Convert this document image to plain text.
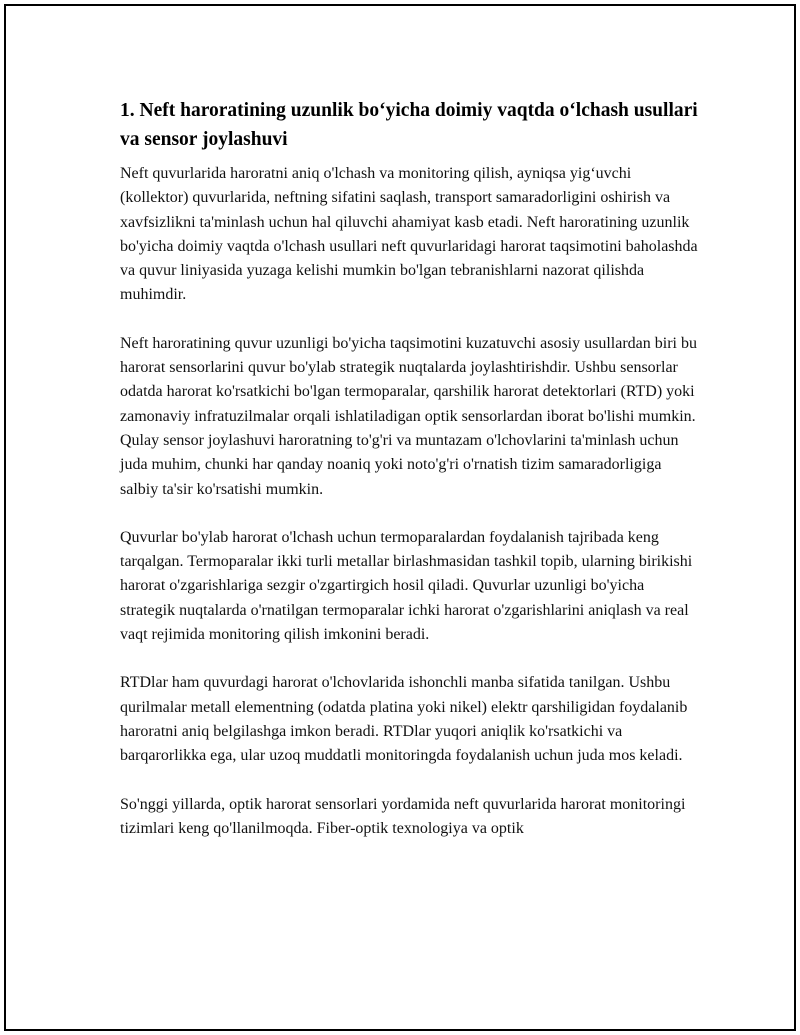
1. Neft haroratining uzunlik bo‘yicha doimiy vaqtda o‘lchash usullari va sensor joylashuvi

Neft quvurlarida haroratni aniq o'lchash va monitoring qilish, ayniqsa yig‘uvchi (kollektor) quvurlarida, neftning sifatini saqlash, transport samaradorligini oshirish va xavfsizlikni ta'minlash uchun hal qiluvchi ahamiyat kasb etadi. Neft haroratining uzunlik bo'yicha doimiy vaqtda o'lchash usullari neft quvurlaridagi harorat taqsimotini baholashda va quvur liniyasida yuzaga kelishi mumkin bo'lgan tebranishlarni nazorat qilishda muhimdir.

Neft haroratining quvur uzunligi bo'yicha taqsimotini kuzatuvchi asosiy usullardan biri bu harorat sensorlarini quvur bo'ylab strategik nuqtalarda joylashtirishdir. Ushbu sensorlar odatda harorat ko'rsatkichi bo'lgan termoparalar, qarshilik harorat detektorlari (RTD) yoki zamonaviy infratuzilmalar orqali ishlatiladigan optik sensorlardan iborat bo'lishi mumkin. Qulay sensor joylashuvi haroratning to'g'ri va muntazam o'lchovlarini ta'minlash uchun juda muhim, chunki har qanday noaniq yoki noto'g'ri o'rnatish tizim samaradorligiga salbiy ta'sir ko'rsatishi mumkin.

Quvurlar bo'ylab harorat o'lchash uchun termoparalardan foydalanish tajribada keng tarqalgan. Termoparalar ikki turli metallar birlashmasidan tashkil topib, ularning birikishi harorat o'zgarishlariga sezgir o'zgartirgich hosil qiladi. Quvurlar uzunligi bo'yicha strategik nuqtalarda o'rnatilgan termoparalar ichki harorat o'zgarishlarini aniqlash va real vaqt rejimida monitoring qilish imkonini beradi.

RTDlar ham quvurdagi harorat o'lchovlarida ishonchli manba sifatida tanilgan. Ushbu qurilmalar metall elementning (odatda platina yoki nikel) elektr qarshiligidan foydalanib haroratni aniq belgilashga imkon beradi. RTDlar yuqori aniqlik ko'rsatkichi va barqarorlikka ega, ular uzoq muddatli monitoringda foydalanish uchun juda mos keladi.

So'nggi yillarda, optik harorat sensorlari yordamida neft quvurlarida harorat monitoringi tizimlari keng qo'llanilmoqda. Fiber-optik texnologiya va optik
